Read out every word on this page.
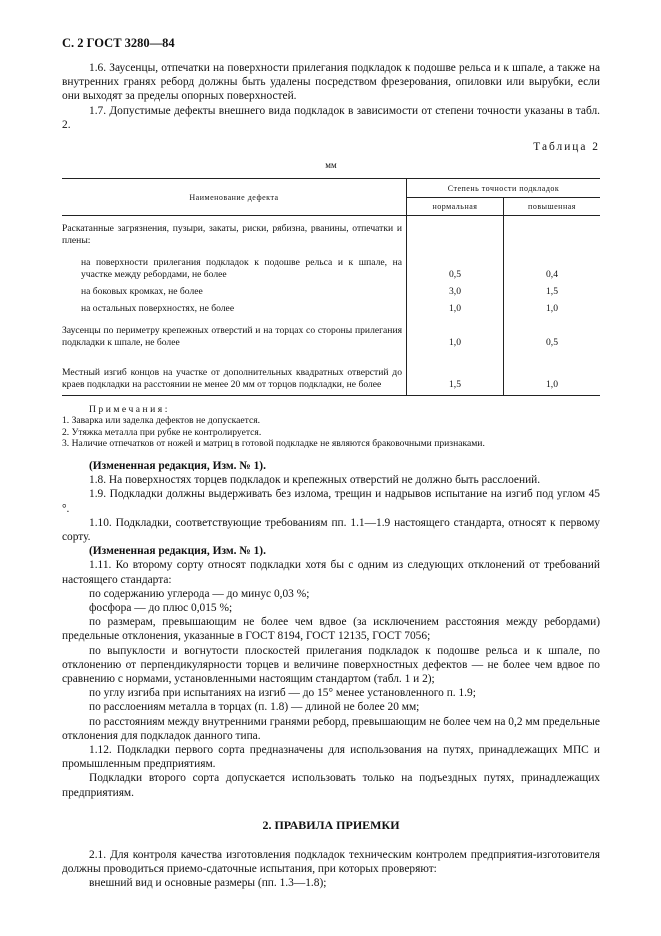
С. 2 ГОСТ 3280—84

1.6. Заусенцы, отпечатки на поверхности прилегания подкладок к подошве рельса и к шпале, а также на внутренних гранях реборд должны быть удалены посредством фрезерования, опиловки или вырубки, если они выходят за пределы опорных поверхностей.

1.7. Допустимые дефекты внешнего вида подкладок в зависимости от степени точности указаны в табл. 2.

Таблица 2
мм
Наименование дефекта	Степень точности подкладок	
	нормальная	повышенная

Раскатанные загрязнения, пузыри, закаты, риски, рябизна, рванины, отпечатки и плены:		
на поверхности прилегания подкладок к подошве рельса и к шпале, на участке между ребордами, не более	0,5	0,4
на боковых кромках, не более	3,0	1,5
на остальных поверхностях, не более	1,0	1,0
Заусенцы по периметру крепежных отверстий и на торцах со стороны прилегания подкладки к шпале, не более	1,0	0,5
Местный изгиб концов на участке от дополнительных квадратных отверстий до краев подкладки на расстоянии не менее 20 мм от торцов подкладки, не более	1,5	1,0
Примечания:
1. Заварка или заделка дефектов не допускается.
2. Утяжка металла при рубке не контролируется.
3. Наличие отпечатков от ножей и матриц в готовой подкладке не являются браковочными признаками.

(Измененная редакция, Изм. № 1).

1.8. На поверхностях торцев подкладок и крепежных отверстий не должно быть расслоений.

1.9. Подкладки должны выдерживать без излома, трещин и надрывов испытание на изгиб под углом 45 °.

1.10. Подкладки, соответствующие требованиям пп. 1.1—1.9 настоящего стандарта, относят к первому сорту.

(Измененная редакция, Изм. № 1).

1.11. Ко второму сорту относят подкладки хотя бы с одним из следующих отклонений от требований настоящего стандарта:

по содержанию углерода — до минус 0,03 %;

фосфора — до плюс 0,015 %;

по размерам, превышающим не более чем вдвое (за исключением расстояния между ребордами) предельные отклонения, указанные в ГОСТ 8194, ГОСТ 12135, ГОСТ 7056;

по выпуклости и вогнутости плоскостей прилегания подкладок к подошве рельса и к шпале, по отклонению от перпендикулярности торцев и величине поверхностных дефектов — не более чем вдвое по сравнению с нормами, установленными настоящим стандартом (табл. 1 и 2);

по углу изгиба при испытаниях на изгиб — до 15° менее установленного п. 1.9;

по расслоениям металла в торцах (п. 1.8) — длиной не более 20 мм;

по расстояниям между внутренними гранями реборд, превышающим не более чем на 0,2 мм предельные отклонения для подкладок данного типа.

1.12. Подкладки первого сорта предназначены для использования на путях, принадлежащих МПС и промышленным предприятиям.

Подкладки второго сорта допускается использовать только на подъездных путях, принадлежащих предприятиям.

2. ПРАВИЛА ПРИЕМКИ

2.1. Для контроля качества изготовления подкладок техническим контролем предприятия-изготовителя должны проводиться приемо-сдаточные испытания, при которых проверяют:

внешний вид и основные размеры (пп. 1.3—1.8);
